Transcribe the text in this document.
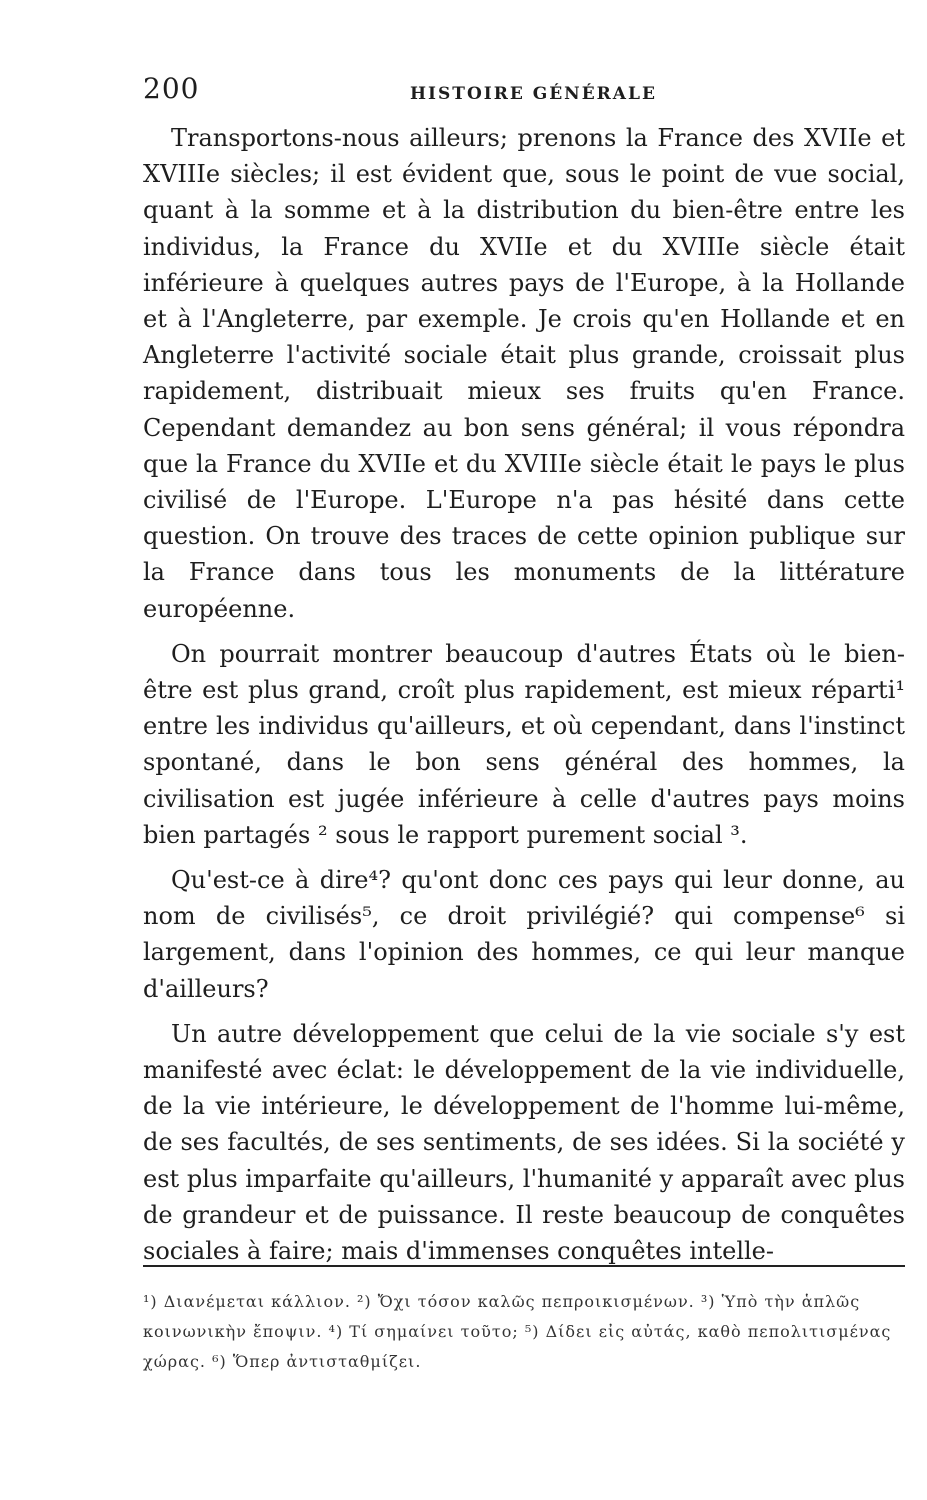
200	HISTOIRE GÉNÉRALE

Transportons-nous ailleurs; prenons la France des XVIIe et XVIIIe siècles; il est évident que, sous le point de vue social, quant à la somme et à la distribution du bien-être entre les individus, la France du XVIIe et du XVIIIe siècle était inférieure à quelques autres pays de l'Europe, à la Hollande et à l'Angleterre, par exemple. Je crois qu'en Hollande et en Angleterre l'activité sociale était plus grande, croissait plus rapidement, distribuait mieux ses fruits qu'en France. Cependant demandez au bon sens général; il vous répondra que la France du XVIIe et du XVIIIe siècle était le pays le plus civilisé de l'Europe. L'Europe n'a pas hésité dans cette question. On trouve des traces de cette opinion publique sur la France dans tous les monuments de la littérature européenne.

On pourrait montrer beaucoup d'autres États où le bien-être est plus grand, croît plus rapidement, est mieux réparti¹ entre les individus qu'ailleurs, et où cependant, dans l'instinct spontané, dans le bon sens général des hommes, la civilisation est jugée inférieure à celle d'autres pays moins bien partagés ² sous le rapport purement social ³.

Qu'est-ce à dire⁴? qu'ont donc ces pays qui leur donne, au nom de civilisés⁵, ce droit privilégié? qui compense⁶ si largement, dans l'opinion des hommes, ce qui leur manque d'ailleurs?

Un autre développement que celui de la vie sociale s'y est manifesté avec éclat: le développement de la vie individuelle, de la vie intérieure, le développement de l'homme lui-même, de ses facultés, de ses sentiments, de ses idées. Si la société y est plus imparfaite qu'ailleurs, l'humanité y apparaît avec plus de grandeur et de puissance. Il reste beaucoup de conquêtes sociales à faire; mais d'immenses conquêtes intelle-

¹) Διανέμεται κάλλιον. ²) Ὄχι τόσον καλῶς πεπροικισμένων. ³) Ὑπὸ τὴν ἁπλῶς κοινωνικὴν ἔποψιν. ⁴) Τί σημαίνει τοῦτο; ⁵) Δίδει εἰς αὐτάς, καθὸ πεπολιτισμένας χώρας. ⁶) Ὅπερ ἀντισταθμίζει.
